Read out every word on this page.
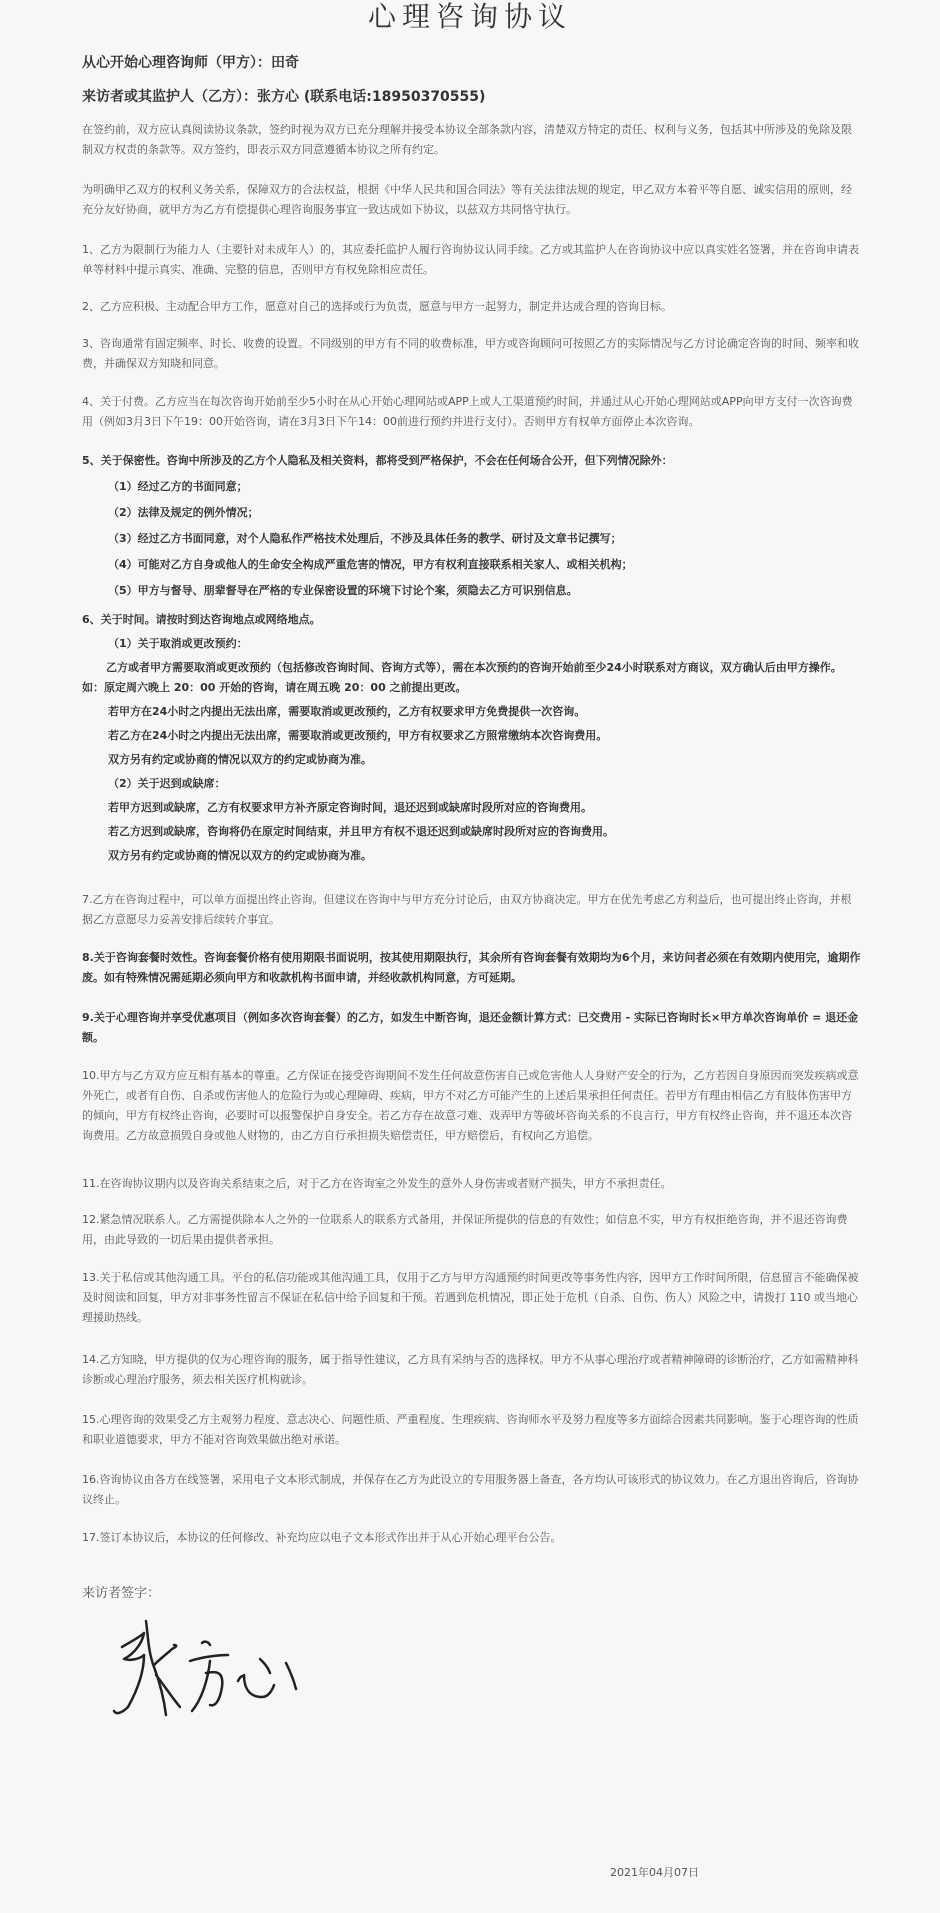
心理咨询协议
从心开始心理咨询师（甲方）：田奇
来访者或其监护人（乙方）：张方心 (联系电话:18950370555)
在签约前，双方应认真阅读协议条款，签约时视为双方已充分理解并接受本协议全部条款内容，清楚双方特定的责任、权利与义务，包括其中所涉及的免除及限制双方权责的条款等。双方签约，即表示双方同意遵循本协议之所有约定。
为明确甲乙双方的权利义务关系，保障双方的合法权益，根据《中华人民共和国合同法》等有关法律法规的规定，甲乙双方本着平等自愿、诚实信用的原则，经充分友好协商，就甲方为乙方有偿提供心理咨询服务事宜一致达成如下协议，以兹双方共同恪守执行。
1、乙方为限制行为能力人（主要针对未成年人）的，其应委托监护人履行咨询协议认同手续。乙方或其监护人在咨询协议中应以真实姓名签署，并在咨询申请表单等材料中提示真实、准确、完整的信息，否则甲方有权免除相应责任。
2、乙方应积极、主动配合甲方工作，愿意对自己的选择或行为负责，愿意与甲方一起努力，制定并达成合理的咨询目标。
3、咨询通常有固定频率、时长、收费的设置。不同级别的甲方有不同的收费标准，甲方或咨询顾问可按照乙方的实际情况与乙方讨论确定咨询的时间、频率和收费，并确保双方知晓和同意。
4、关于付费。乙方应当在每次咨询开始前至少5小时在从心开始心理网站或APP上或人工渠道预约时间，并通过从心开始心理网站或APP向甲方支付一次咨询费用（例如3月3日下午19：00开始咨询，请在3月3日下午14：00前进行预约并进行支付）。否则甲方有权单方面停止本次咨询。
5、关于保密性。咨询中所涉及的乙方个人隐私及相关资料，都将受到严格保护，不会在任何场合公开，但下列情况除外：
（1）经过乙方的书面同意；
（2）法律及规定的例外情况；
（3）经过乙方书面同意，对个人隐私作严格技术处理后，不涉及具体任务的教学、研讨及文章书记撰写；
（4）可能对乙方自身或他人的生命安全构成严重危害的情况，甲方有权利直接联系相关家人、或相关机构；
（5）甲方与督导、朋辈督导在严格的专业保密设置的环境下讨论个案，须隐去乙方可识别信息。
6、关于时间。请按时到达咨询地点或网络地点。
（1）关于取消或更改预约：
乙方或者甲方需要取消或更改预约（包括修改咨询时间、咨询方式等），需在本次预约的咨询开始前至少24小时联系对方商议，双方确认后由甲方操作。如：原定周六晚上 20：00 开始的咨询，请在周五晚 20：00 之前提出更改。
若甲方在24小时之内提出无法出席，需要取消或更改预约，乙方有权要求甲方免费提供一次咨询。
若乙方在24小时之内提出无法出席，需要取消或更改预约，甲方有权要求乙方照常缴纳本次咨询费用。
双方另有约定或协商的情况以双方的约定或协商为准。
（2）关于迟到或缺席：
若甲方迟到或缺席，乙方有权要求甲方补齐原定咨询时间，退还迟到或缺席时段所对应的咨询费用。
若乙方迟到或缺席，咨询将仍在原定时间结束，并且甲方有权不退还迟到或缺席时段所对应的咨询费用。
双方另有约定或协商的情况以双方的约定或协商为准。
7.乙方在咨询过程中，可以单方面提出终止咨询。但建议在咨询中与甲方充分讨论后，由双方协商决定。甲方在优先考虑乙方利益后，也可提出终止咨询，并根据乙方意愿尽力妥善安排后续转介事宜。
8.关于咨询套餐时效性。咨询套餐价格有使用期限书面说明，按其使用期限执行，其余所有咨询套餐有效期均为6个月，来访问者必须在有效期内使用完，逾期作废。如有特殊情况需延期必须向甲方和收款机构书面申请，并经收款机构同意，方可延期。
9.关于心理咨询并享受优惠项目（例如多次咨询套餐）的乙方，如发生中断咨询，退还金额计算方式：已交费用 - 实际已咨询时长×甲方单次咨询单价 = 退还金额。
10.甲方与乙方双方应互相有基本的尊重。乙方保证在接受咨询期间不发生任何故意伤害自己或危害他人人身财产安全的行为，乙方若因自身原因而突发疾病或意外死亡，或者有自伤、自杀或伤害他人的危险行为或心理障碍、疾病，甲方不对乙方可能产生的上述后果承担任何责任。若甲方有理由相信乙方有肢体伤害甲方的倾向，甲方有权终止咨询，必要时可以报警保护自身安全。若乙方存在故意刁难、戏弄甲方等破坏咨询关系的不良言行，甲方有权终止咨询，并不退还本次咨询费用。乙方故意损毁自身或他人财物的，由乙方自行承担损失赔偿责任，甲方赔偿后，有权向乙方追偿。
11.在咨询协议期内以及咨询关系结束之后，对于乙方在咨询室之外发生的意外人身伤害或者财产损失，甲方不承担责任。
12.紧急情况联系人。乙方需提供除本人之外的一位联系人的联系方式备用，并保证所提供的信息的有效性；如信息不实，甲方有权拒绝咨询，并不退还咨询费用，由此导致的一切后果由提供者承担。
13.关于私信或其他沟通工具。平台的私信功能或其他沟通工具，仅用于乙方与甲方沟通预约时间更改等事务性内容，因甲方工作时间所限，信息留言不能确保被及时阅读和回复，甲方对非事务性留言不保证在私信中给予回复和干预。若遇到危机情况，即正处于危机（自杀、自伤、伤人）风险之中，请拨打 110 或当地心理援助热线。
14.乙方知晓，甲方提供的仅为心理咨询的服务，属于指导性建议，乙方具有采纳与否的选择权。甲方不从事心理治疗或者精神障碍的诊断治疗，乙方如需精神科诊断或心理治疗服务，须去相关医疗机构就诊。
15.心理咨询的效果受乙方主观努力程度、意志决心、问题性质、严重程度、生理疾病、咨询师水平及努力程度等多方面综合因素共同影响。鉴于心理咨询的性质和职业道德要求，甲方不能对咨询效果做出绝对承诺。
16.咨询协议由各方在线签署，采用电子文本形式制成，并保存在乙方为此设立的专用服务器上备查，各方均认可该形式的协议效力。在乙方退出咨询后，咨询协议终止。
17.签订本协议后，本协议的任何修改、补充均应以电子文本形式作出并于从心开始心理平台公告。
来访者签字：
2021年04月07日
